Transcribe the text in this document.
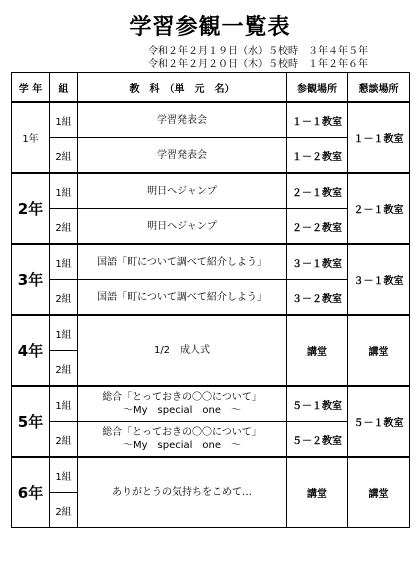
学習参観一覧表
令和２年２月１９日（水）５校時　３年４年５年
令和２年２月２０日（木）５校時　１年２年６年
学 年	組	教　科　（単　元　名）	参観場所	懇談場所
1年	1組	学習発表会	１－１教室	１－１教室
	2組	学習発表会	１－２教室	
2年	1組	明日へジャンプ	２－１教室	２－１教室
	2組	明日へジャンプ	２－２教室	
3年	1組	国語「町について調べて紹介しよう」	３－１教室	３－１教室
	2組	国語「町について調べて紹介しよう」	３－２教室	
4年	1組	1/2　成人式	講堂	講堂
	2組			
5年	1組	総合「とっておきの〇〇について」
～My　special　one　～	５－１教室	５－１教室
	2組	総合「とっておきの〇〇について」
～My　special　one　～	５－２教室	
6年	1組	ありがとうの気持ちをこめて…	講堂	講堂
	2組			
